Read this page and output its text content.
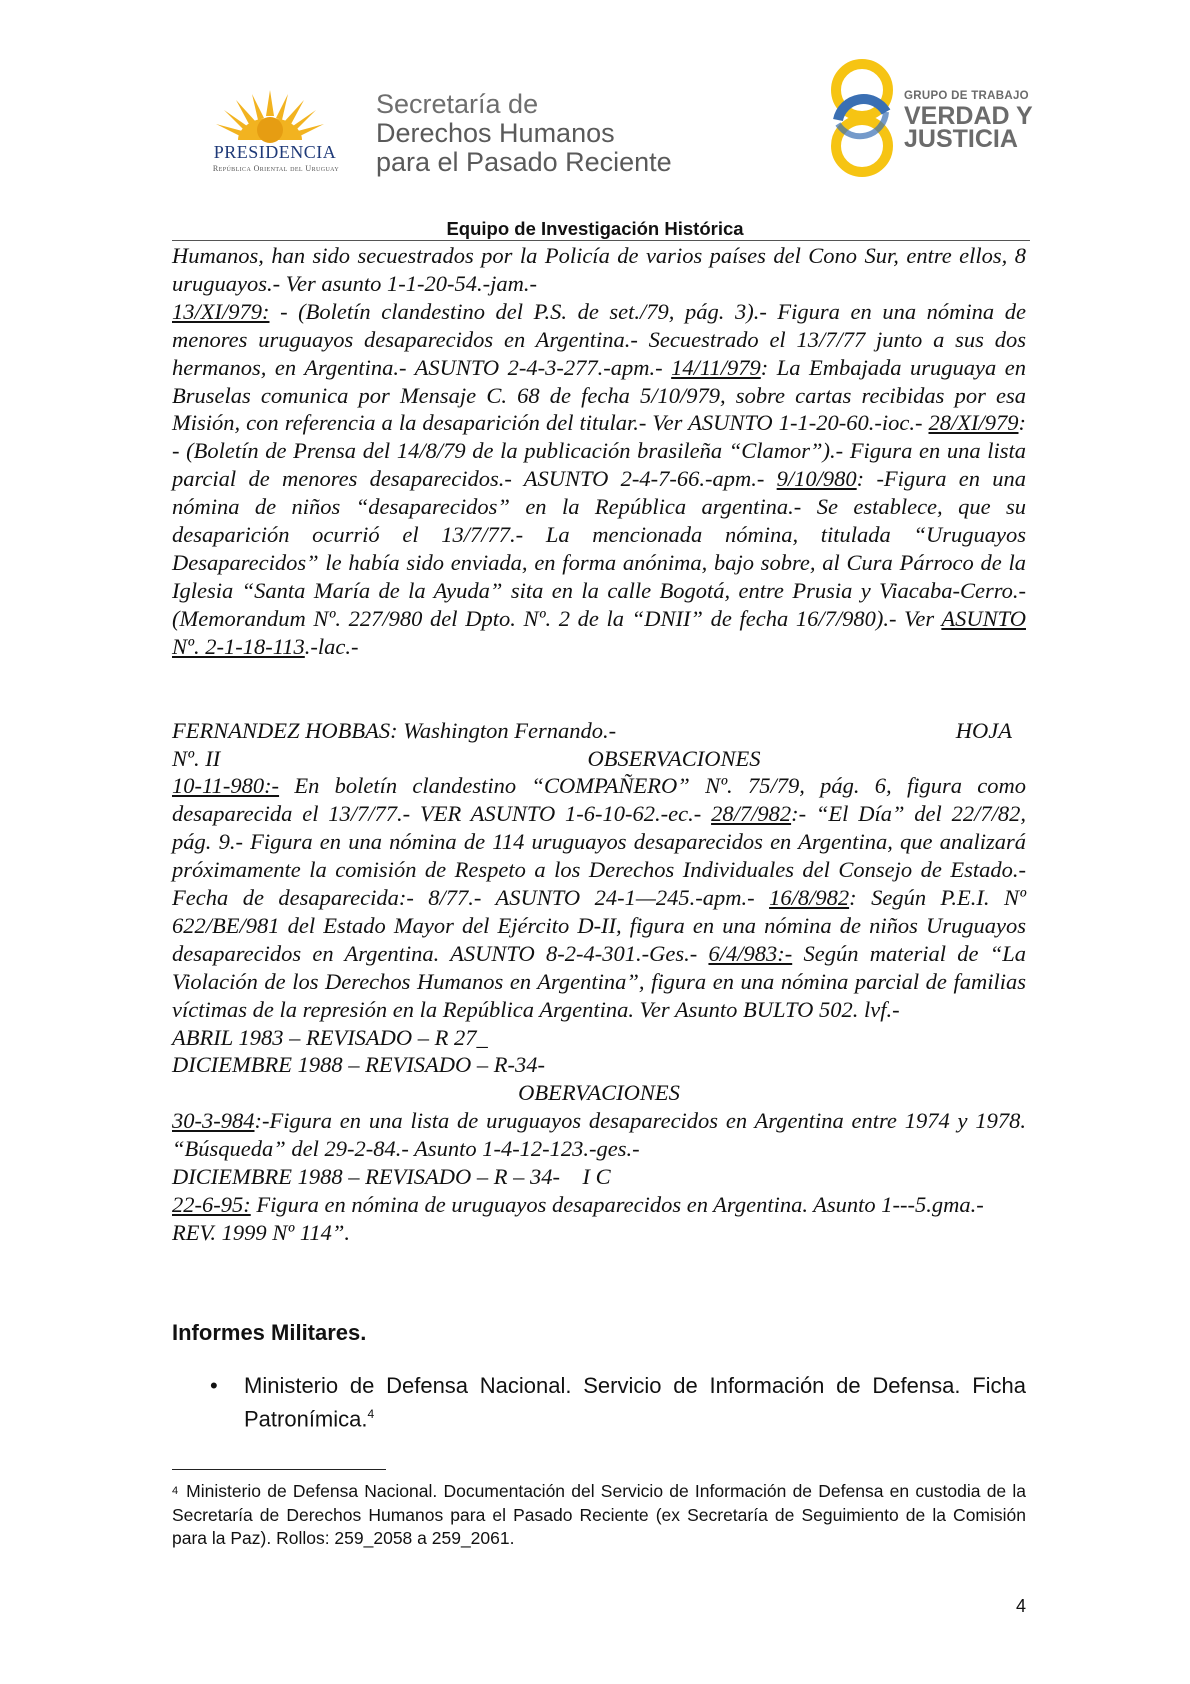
PRESIDENCIA
República Oriental del Uruguay
Secretaría de
Derechos Humanos
para el Pasado Reciente
GRUPO DE TRABAJO
VERDAD Y
JUSTICIA
Equipo de Investigación Histórica

Humanos, han sido secuestrados por la Policía de varios países del Cono Sur, entre ellos, 8 uruguayos.- Ver asunto 1-1-20-54.-jam.-

13/XI/979: - (Boletín clandestino del P.S. de set./79, pág. 3).- Figura en una nómina de menores uruguayos desaparecidos en Argentina.- Secuestrado el 13/7/77 junto a sus dos hermanos, en Argentina.- ASUNTO 2-4-3-277.-apm.- 14/11/979: La Embajada uruguaya en Bruselas comunica por Mensaje C. 68 de fecha 5/10/979, sobre cartas recibidas por esa Misión, con referencia a la desaparición del titular.- Ver ASUNTO 1-1-20-60.-ioc.- 28/XI/979: - (Boletín de Prensa del 14/8/79 de la publicación brasileña “Clamor”).- Figura en una lista parcial de menores desaparecidos.- ASUNTO 2-4-7-66.-apm.- 9/10/980: -Figura en una nómina de niños “desaparecidos” en la República argentina.- Se establece, que su desaparición ocurrió el 13/7/77.- La mencionada nómina, titulada “Uruguayos Desaparecidos” le había sido enviada, en forma anónima, bajo sobre, al Cura Párroco de la Iglesia “Santa María de la Ayuda” sita en la calle Bogotá, entre Prusia y Viacaba-Cerro.- (Memorandum Nº. 227/980 del Dpto. Nº. 2 de la “DNII” de fecha 16/7/980).- Ver ASUNTO Nº. 2-1-18-113.-lac.-

FERNANDEZ HOBBAS: Washington Fernando.-	HOJA
Nº. II	OBSERVACIONES

10-11-980:- En boletín clandestino “COMPAÑERO” Nº. 75/79, pág. 6, figura como desaparecida el 13/7/77.- VER ASUNTO 1-6-10-62.-ec.- 28/7/982:- “El Día” del 22/7/82, pág. 9.- Figura en una nómina de 114 uruguayos desaparecidos en Argentina, que analizará próximamente la comisión de Respeto a los Derechos Individuales del Consejo de Estado.- Fecha de desaparecida:- 8/77.- ASUNTO 24-1—245.-apm.- 16/8/982: Según P.E.I. Nº 622/BE/981 del Estado Mayor del Ejército D-II, figura en una nómina de niños Uruguayos desaparecidos en Argentina. ASUNTO 8-2-4-301.-Ges.- 6/4/983:- Según material de “La Violación de los Derechos Humanos en Argentina”, figura en una nómina parcial de familias víctimas de la represión en la República Argentina. Ver Asunto BULTO 502. lvf.-

ABRIL 1983 – REVISADO – R 27_
DICIEMBRE 1988 – REVISADO – R-34-
OBERVACIONES

30-3-984:-Figura en una lista de uruguayos desaparecidos en Argentina entre 1974 y 1978. “Búsqueda” del 29-2-84.- Asunto 1-4-12-123.-ges.-

DICIEMBRE 1988 – REVISADO – R – 34-    I C

22-6-95: Figura en nómina de uruguayos desaparecidos en Argentina. Asunto 1---5.gma.-

REV. 1999 Nº 114”.
Informes Militares.
• Ministerio de Defensa Nacional. Servicio de Información de Defensa. Ficha Patronímica.$^4$
$^4$ Ministerio de Defensa Nacional. Documentación del Servicio de Información de Defensa en custodia de la Secretaría de Derechos Humanos para el Pasado Reciente (ex Secretaría de Seguimiento de la Comisión para la Paz). Rollos: 259_2058 a 259_2061.
4
